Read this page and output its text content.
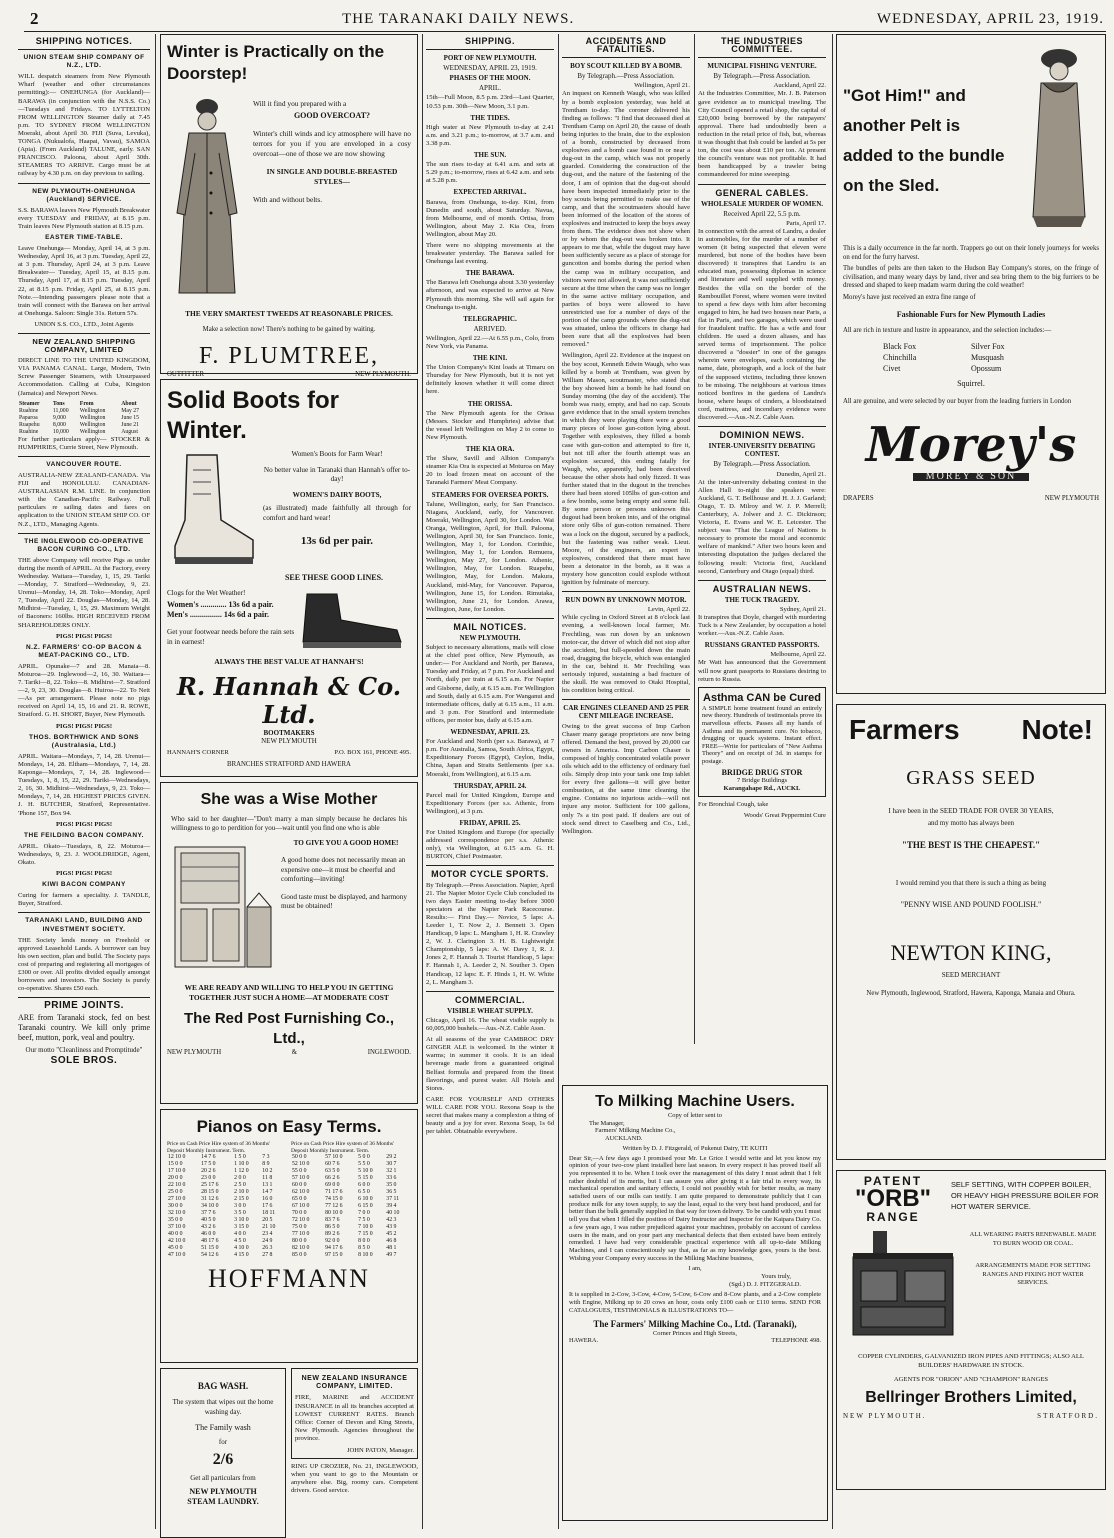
2	THE TARANAKI DAILY NEWS.	WEDNESDAY, APRIL 23, 1919.
SHIPPING NOTICES.
UNION STEAM SHIP COMPANY OF N.Z., LTD.

WILL despatch steamers from New Plymouth Wharf (weather and other circumstances permitting):— ONEHUNGA (for Auckland)— BARAWA (in conjunction with the N.S.S. Co.) —Tuesdays and Fridays. TO LYTTELTON FROM WELLINGTON Steamer daily at 7.45 p.m. TO SYDNEY FROM WELLINGTON Moeraki, about April 30. FIJI (Suva, Levuka), TONGA (Nukualofa, Haapai, Vavau), SAMOA (Apia). (From Auckland) TALUNE, early. SAN FRANCISCO. Paloona, about April 30th. STEAMERS TO ARRIVE. Cargo must be at railway by 4.30 p.m. on day previous to sailing.

NEW PLYMOUTH-ONEHUNGA (Auckland) SERVICE.

S.S. BARAWA leaves New Plymouth Breakwater every TUESDAY and FRIDAY, at 8.15 p.m. Train leaves New Plymouth station at 8.15 p.m.

EASTER TIME-TABLE.

Leave Onehunga— Monday, April 14, at 3 p.m. Wednesday, April 16, at 3 p.m. Tuesday, April 22, at 3 p.m. Thursday, April 24, at 3 p.m. Leave Breakwater— Tuesday, April 15, at 8.15 p.m. Thursday, April 17, at 8.15 p.m. Tuesday, April 22, at 8.15 p.m. Friday, April 25, at 8.15 p.m. Note.—Intending passengers please note that a train will connect with the Barawa on her arrival at Onehunga. Saloon: Single 31s. Return 57s.

UNION S.S. CO., LTD., Joint Agents
NEW ZEALAND SHIPPING COMPANY, LIMITED

DIRECT LINE TO THE UNITED KINGDOM, VIA PANAMA CANAL. Large, Modern, Twin Screw Passenger Steamers, with Unsurpassed Accommodation. Calling at Cuba, Kingston (Jamaica) and Newport News.

Steamer	Tons	From	About
Ruahine	11,000	Wellington	May 27
Paparoa	9,000	Wellington	June 15
Ruapehu	8,000	Wellington	June 21
Ruahine	10,000	Wellington	August

For further particulars apply— STOCKER & HUMPHRIES, Currie Street, New Plymouth.

VANCOUVER ROUTE.

AUSTRALIA-NEW ZEALAND-CANADA. Via FIJI and HONOLULU. CANADIAN-AUSTRALASIAN R.M. LINE. In conjunction with the Canadian-Pacific Railway. Full particulars re sailing dates and fares on application to the UNION STEAM SHIP CO. OF N.Z., LTD., Managing Agents.

THE INGLEWOOD CO-OPERATIVE BACON CURING CO., LTD.

THE above Company will receive Pigs as under during the month of APRIL. At the Factory, every Wednesday. Waitara—Tuesday, 1, 15, 29. Tariki—Monday, 7. Stratford—Wednesday, 9, 23. Urenui—Monday, 14, 28. Toko—Monday, April 7, Tuesday, April 22. Douglas—Monday, 14, 28. Midhirst—Tuesday, 1, 15, 29. Maximum Weight of Baconers: 160lbs. HIGH RECEIVED FROM SHAREHOLDERS ONLY.

PIGS! PIGS! PIGS!
N.Z. FARMERS' CO-OP BACON & MEAT-PACKING CO., LTD.

APRIL. Opunake—7 and 28. Manaia—8. Moturoa—29. Inglewood—2, 16, 30. Waitara—7. Tariki—8, 22. Toko—8. Midhirst—7. Stratford—2, 9, 23, 30. Douglas—8. Huiroa—22. To Nett—As per arrangement. Please note no pigs received on April 14, 15, 16 and 21. R. ROWE, Stratford. G. H. SHORT, Buyer, New Plymouth.

PIGS! PIGS! PIGS!
THOS. BORTHWICK AND SONS (Australasia, Ltd.)

APRIL. Waitara—Mondays, 7, 14, 28. Urenui—Mondays, 14, 28. Eltham—Mondays, 7, 14, 28. Kaponga—Mondays, 7, 14, 28. Inglewood—Tuesdays, 1, 8, 15, 22, 29. Tariki—Wednesdays, 2, 16, 30. Midhirst—Wednesdays, 9, 23. Toko—Mondays, 7, 14, 28. HIGHEST PRICES GIVEN. J. H. BUTCHER, Stratford, Representative. 'Phone 157, Box 94.

PIGS! PIGS! PIGS!
THE FEILDING BACON COMPANY.

APRIL. Okato—Tuesdays, 8, 22. Moturoa—Wednesdays, 9, 23. J. WOOLDRIDGE, Agent, Okato.

PIGS! PIGS! PIGS!
KIWI BACON COMPANY

Curing for farmers a speciality. J. TANDLE, Buyer, Stratford.

TARANAKI LAND, BUILDING AND INVESTMENT SOCIETY.

THE Society lends money on Freehold or approved Leasehold Lands. A borrower can buy his own section, plan and build. The Society pays cost of preparing and registering all mortgages of £300 or over. All profits divided equally amongst borrowers and investors. The Society is purely co-operative. Shares £50 each.

PRIME JOINTS.

ARE from Taranaki stock, fed on best Taranaki country. We kill only prime beef, mutton, pork, veal and poultry.

Our motto "Cleanliness and Promptitude"
SOLE BROS.
Winter is Practically on the Doorstep!

Will it find you prepared with a

GOOD OVERCOAT?

Winter's chill winds and icy atmosphere will have no terrors for you if you are enveloped in a cosy overcoat—one of those we are now showing

IN SINGLE AND DOUBLE-BREASTED STYLES—

With and without belts.

THE VERY SMARTEST TWEEDS AT REASONABLE PRICES.

Make a selection now! There's nothing to be gained by waiting.

F. PLUMTREE,
OUTFITTER	NEW PLYMOUTH.
Solid Boots for Winter.

Women's Boots for Farm Wear!

No better value in Taranaki than Hannah's offer to-day!

WOMEN'S DAIRY BOOTS,

(as illustrated) made faithfully all through for comfort and hard wear!

13s 6d per pair.

SEE THESE GOOD LINES.

Clogs for the Wet Weather!

Women's ............. 13s 6d a pair.

Men's ................ 14s 6d a pair.

Get your footwear needs before the rain sets in in earnest!

ALWAYS THE BEST VALUE AT HANNAH'S!

R. Hannah & Co. Ltd.
BOOTMAKERS
NEW PLYMOUTH
HANNAH'S CORNER	P.O. BOX 161, PHONE 495.
BRANCHES STRATFORD AND HAWERA
She was a Wise Mother

Who said to her daughter—"Don't marry a man simply because he declares his willingness to go to perdition for you—wait until you find one who is able

TO GIVE YOU A GOOD HOME!

A good home does not necessarily mean an expensive one—it must be cheerful and comforting—inviting!

Good taste must be displayed, and harmony must be obtained!

WE ARE READY AND WILLING TO HELP YOU IN GETTING TOGETHER JUST SUCH A HOME—AT MODERATE COST

The Red Post Furnishing Co., Ltd.,
NEW PLYMOUTH	&	INGLEWOOD.
Pianos on Easy Terms.
Price on Cash Price Hire system of 36 Months' Deposit Monthly Instrument. Term.
12 10 0	14 7 6	1 5 0	7 3
15 0 0	17 5 0	1 10 0	8 9
17 10 0	20 2 6	1 12 0	10 2
20 0 0	23 0 0	2 0 0	11 8
22 10 0	25 17 6	2 5 0	13 1
25 0 0	28 15 0	2 10 0	14 7
27 10 0	31 12 6	2 15 0	16 0
30 0 0	34 10 0	3 0 0	17 6
32 10 0	37 7 6	3 5 0	18 11
35 0 0	40 5 0	3 10 0	20 5
37 10 0	43 2 6	3 15 0	21 10
40 0 0	46 0 0	4 0 0	23 4
42 10 0	48 17 6	4 5 0	24 9
45 0 0	51 15 0	4 10 0	26 3
47 10 0	54 12 6	4 15 0	27 8
Price on Cash Price Hire system of 36 Months' Deposit Monthly Instrument. Term.
50 0 0	57 10 0	5 0 0	29 2
52 10 0	60 7 6	5 5 0	30 7
55 0 0	63 5 0	5 10 0	32 1
57 10 0	66 2 6	5 15 0	33 6
60 0 0	69 0 0	6 0 0	35 0
62 10 0	71 17 6	6 5 0	36 5
65 0 0	74 15 0	6 10 0	37 11
67 10 0	77 12 6	6 15 0	39 4
70 0 0	80 10 0	7 0 0	40 10
72 10 0	83 7 6	7 5 0	42 3
75 0 0	86 5 0	7 10 0	43 9
77 10 0	89 2 6	7 15 0	45 2
80 0 0	92 0 0	8 0 0	46 8
82 10 0	94 17 6	8 5 0	48 1
85 0 0	97 15 0	8 10 0	49 7
HOFFMANN
BAG WASH.

The system that wipes out the home washing day.

The Family wash

for

2/6

Get all particulars from

NEW PLYMOUTH

STEAM LAUNDRY.

NEW ZEALAND INSURANCE COMPANY, LIMITED.

FIRE, MARINE and ACCIDENT INSURANCE in all its branches accepted at LOWEST CURRENT RATES. Branch Office: Corner of Devon and King Streets, New Plymouth. Agencies throughout the province.

JOHN PATON, Manager.

RING UP CROZIER, No. 21, INGLEWOOD, when you want to go to the Mountain or anywhere else. Big, roomy cars. Competent drivers. Good service.

SHIPPING.
PORT OF NEW PLYMOUTH.
WEDNESDAY, APRIL 23, 1919.
PHASES OF THE MOON.
APRIL.

15th—Full Moon, 8.5 p.m. 23rd—Last Quarter, 10.53 p.m. 30th—New Moon, 3.1 p.m.

THE TIDES.

High water at New Plymouth to-day at 2.41 a.m. and 3.21 p.m.; to-morrow, at 3.7 a.m. and 3.38 p.m.

THE SUN.

The sun rises to-day at 6.41 a.m. and sets at 5.29 p.m.; to-morrow, rises at 6.42 a.m. and sets at 5.28 p.m.

EXPECTED ARRIVAL.

Barawa, from Onehunga, to-day. Kini, from Dunedin and south, about Saturday. Navua, from Melbourne, end of month. Ortisa, from Wellington, about May 2. Kia Ora, from Wellington, about May 20.

There were no shipping movements at the breakwater yesterday. The Barawa sailed for Onehunga last evening.

THE BARAWA.

The Barawa left Onehunga about 3.30 yesterday afternoon, and was expected to arrive at New Plymouth this morning. She will sail again for Onehunga to-night.

TELEGRAPHIC.
ARRIVED.

Wellington, April 22.—At 6.55 p.m., Colo, from New York, via Panama.

THE KINI.

The Union Company's Kini loads at Timaru on Thursday for New Plymouth, but it is not yet definitely known whether it will come direct here.

THE ORISSA.

The New Plymouth agents for the Orissa (Messrs. Stocker and Humphries) advise that the vessel left Wellington on May 2 to come to New Plymouth.

THE KIA ORA.

The Shaw, Savill and Albion Company's steamer Kia Ora is expected at Moturoa on May 20 to load frozen meat on account of the Taranaki Farmers' Meat Company.

STEAMERS FOR OVERSEA PORTS.

Talune, Wellington, early, for San Francisco. Niagara, Auckland, early, for Vancouver. Moeraki, Wellington, April 30, for London. Wai Oranga, Wellington, April, for Hull. Paloona, Wellington, April 30, for San Francisco. Ionic, Wellington, May 1, for London. Corinthic, Wellington, May 1, for London. Remuera, Wellington, May 27, for London. Athenic, Wellington, May, for London. Ruapehu, Wellington, May, for London. Makura, Auckland, mid-May, for Vancouver. Paparoa, Wellington, June 15, for London. Rimutaka, Wellington, June 21, for London. Arawa, Wellington, June, for London.

MAIL NOTICES.
NEW PLYMOUTH.

Subject to necessary alterations, mails will close at the chief post office, New Plymouth, as under:— For Auckland and North, per Barawa, Tuesday and Friday, at 7 p.m. For Auckland and North, daily per train at 6.15 a.m. For Napier and Gisborne, daily, at 6.15 a.m. For Wellington and South, daily at 6.15 a.m. For Wanganui and intermediate offices, daily at 6.15 a.m., 11 a.m. and 3 p.m. For Stratford and intermediate offices, per motor bus, daily at 6.15 a.m.

WEDNESDAY, APRIL 23.

For Auckland and North (per s.s. Barawa), at 7 p.m. For Australia, Samoa, South Africa, Egypt, Expeditionary Forces (Egypt), Ceylon, India, China, Japan and Straits Settlements (per s.s. Moeraki, from Wellington), at 6.15 a.m.

THURSDAY, APRIL 24.

Parcel mail for United Kingdom, Europe and Expeditionary Forces (per s.s. Athenic, from Wellington), at 3 p.m.

FRIDAY, APRIL 25.

For United Kingdom and Europe (for specially addressed correspondence per s.s. Athenic only), via Wellington, at 6.15 a.m. G. H. BURTON, Chief Postmaster.

MOTOR CYCLE SPORTS.

By Telegraph.—Press Association. Napier, April 21. The Napier Motor Cycle Club concluded its two days Easter meeting to-day before 3000 spectators at the Napier Park Racecourse. Results:— First Day.— Novice, 5 laps: A. Leeder 1, T. Now 2, J. Bennett 3. Open Handicap, 9 laps: L. Mangham 1, H. R. Crawley 2, W. J. Clarington 3. H. B. Lightweight Championship, 5 laps: A. W. Davy 1, R. J. Jones 2, F. Hannah 3. Tourist Handicap, 5 laps: F. Hannah 1, A. Leeder 2, N. Souther 3. Open Handicap, 12 laps: E. F. Hinds 1, H. W. White 2, L. Mangham 3.

COMMERCIAL.
VISIBLE WHEAT SUPPLY.

Chicago, April 16. The wheat visible supply is 60,005,000 bushels.—Aus.-N.Z. Cable Assn.

At all seasons of the year CAMBROC DRY GINGER ALE is welcomed. In the winter it warms; in summer it cools. It is an ideal beverage made from a guaranteed original Belfast formula and prepared from the finest flavorings, and purest water. All Hotels and Stores.

CARE FOR YOURSELF AND OTHERS WILL CARE FOR YOU. Rexona Soap is the secret that makes many a complexion a thing of beauty and a joy for ever. Rexona Soap, 1s 6d per tablet. Obtainable everywhere.

ACCIDENTS AND FATALITIES.
BOY SCOUT KILLED BY A BOMB.
By Telegraph.—Press Association.
Wellington, April 21.

An inquest on Kenneth Waugh, who was killed by a bomb explosion yesterday, was held at Trentham to-day. The coroner delivered his finding as follows: "I find that deceased died at Trentham Camp on April 20, the cause of death being injuries to the brain, due to the explosion of a bomb, constructed by deceased from explosives and a bomb case found in or near a dug-out in the camp, which was not properly guarded. Considering the construction of the dug-out, and the nature of the fastening of the door, I am of opinion that the dug-out should have been inspected immediately prior to the boy scouts being permitted to make use of the camp, and that the scoutmasters should have been informed of the location of the stores of explosives and instructed to keep the boys away from them. The evidence does not show when or by whom the dug-out was broken into. It appears to me that, while the dugout may have been sufficiently secure as a place of storage for guncotton and bombs during the period when the camp was in military occupation, and visitors were not allowed, it was not sufficiently secure at the time when the camp was no longer in the same active military occupation, and parties of boys were allowed to have unrestricted use for a number of days of the portion of the camp grounds where the dug-out was situated, unless the officers in charge had been sure that all the explosives had been removed."

Wellington, April 22. Evidence at the inquest on the boy scout, Kenneth Edwin Waugh, who was killed by a bomb at Trentham, was given by William Mason, scoutmaster, who stated that the boy showed him a bomb he had found on Sunday morning (the day of the accident). The bomb was rusty, empty, and had no cap. Scouts gave evidence that in the small system trenches in which they were playing there were a good many pieces of loose gun-cotton lying about. Together with explosives, they filled a bomb case with gun-cotton and attempted to fire it, but not till after the fourth attempt was an explosion secured, this ending fatally for Waugh, who, apparently, had been deceived because the other shots had only fizzed. It was further stated that in the dugout in the trenches there had been stored 105lbs of gun-cotton and a few bombs, some being empty and some full. By some person or persons unknown this dugout had been broken into, and of the original store only 6lbs of gun-cotton remained. There was a lock on the dugout, secured by a padlock, but the fastening was rather weak. Lieut. Moore, of the engineers, an expert in explosives, considered that there must have been a detonator in the bomb, as it was a mystery how guncotton could explode without ignition by fulminate of mercury.

RUN DOWN BY UNKNOWN MOTOR.
Levin, April 22.

While cycling in Oxford Street at 8 o'clock last evening, a well-known local farmer, Mr. Frechtling, was run down by an unknown motor-car, the driver of which did not stop after the accident, but full-speeded down the main road, dragging the bicycle, which was entangled in the car, behind it. Mr Frechtling was seriously injured, sustaining a bad fracture of the skull. He was removed to Otaki Hospital, his condition being critical.

CAR ENGINES CLEANED AND 25 PER CENT MILEAGE INCREASE.

Owing to the great success of Imp Carbon Chaser many garage proprietors are now being offered. Demand the best, proved by 20,000 car owners in America. Imp Carbon Chaser is composed of highly concentrated volatile power oils which add to the efficiency of ordinary fuel oils. Simply drop into your tank one Imp tablet for every five gallons—it will give better combustion, at the same time cleaning the engine. Contains no injurious acids—will not injure any motor. Sufficient for 100 gallons, only 7s a tin post paid. If dealers are out of stock send direct to Caselberg and Co., Ltd., Wellington.

THE INDUSTRIES COMMITTEE.
MUNICIPAL FISHING VENTURE.
By Telegraph.—Press Association.
Auckland, April 22.

At the Industries Committee, Mr. J. B. Paterson gave evidence as to municipal trawling. The City Council opened a retail shop, the capital of £20,000 being borrowed by the ratepayers' approval. There had undoubtedly been a reduction in the retail price of fish, but, whereas it was thought that fish could be landed at 5s per ton, the cost was about £10 per ton. At present the council's venture was not profitable. It had been handicapped by a trawler being commandeered for mine sweeping.

GENERAL CABLES.
WHOLESALE MURDER OF WOMEN.
Received April 22, 5.5 p.m.
Paris, April 17.

In connection with the arrest of Landru, a dealer in automobiles, for the murder of a number of women (it being suspected that eleven were murdered, but none of the bodies have been discovered) it transpires that Landru is an educated man, possessing diplomas in science and literature and well supplied with money. Besides the villa on the border of the Rambouillet Forest, where women were invited to spend a few days with him after becoming engaged to him, he had two houses near Paris, a flat in Paris, and two garages, which were used for fraudulent traffic. He has a wife and four children. He used a dozen aliases, and has served terms of imprisonment. The police discovered a "dossier" in one of the garages wherein were envelopes, each containing the name, date, photograph, and a lock of the hair of the supposed victims, including three known to be missing. The neighbours at various times noticed bonfires in the gardens of Landru's house, where heaps of cinders, a bloodstained cord, mattress, and incendiary evidence were discovered.—Aus.-N.Z. Cable Assn.

DOMINION NEWS.
INTER-UNIVERSITY DEBATING CONTEST.
By Telegraph.—Press Association.
Dunedin, April 21.

At the inter-university debating contest in the Allen Hall to-night the speakers were: Auckland, G. T. Bellhouse and H. J. J. Garland; Otago, T. D. Milroy and W. J. P. Merrell; Canterbury, A. Jolwer and J. C. Dickinson; Victoria, E. Evans and W. E. Leicester. The subject was "That the League of Nations is necessary to promote the moral and economic welfare of mankind." After two hours keen and interesting disputation the judges declared the following result: Victoria first, Auckland second, Canterbury and Otago (equal) third.

AUSTRALIAN NEWS.
THE TUCK TRAGEDY.
Sydney, April 21.

It transpires that Doyle, charged with murdering Tuck is a New Zealander, by occupation a hotel worker.—Aus.-N.Z. Cable Assn.

RUSSIANS GRANTED PASSPORTS.
Melbourne, April 22.

Mr Watt has announced that the Government will now grant passports to Russians desiring to return to Russia.

Asthma CAN be Cured

A SIMPLE home treatment found an entirely new theory. Hundreds of testimonials prove its marvellous effects. Passes all my hands of Asthma and its permanent cure. No tobacco, drugging or quack systems. Instant effect. FREE—Write for particulars of "New Asthma Theory" and on receipt of 3d. in stamps for postage.

BRIDGE DRUG STOR
7 Bridge Buildings
Karangahape Rd., AUCKL

For Bronchial Cough, take

Woods' Great Peppermint Cure

To Milking Machine Users.
Copy of letter sent to
The Manager,
Farmers' Milking Machine Co.,
AUCKLAND.
Written by D. J. Fitzgerald, of Pukenui Dairy, TE KUITI

Dear Sir,—A few days ago I promised your Mr. Le Grice I would write and let you know my opinion of your two-cow plant installed here last season. In every respect it has proved itself all you represented it to be. When I took over the management of this dairy I must admit that I felt rather doubtful of its merits, but I can assure you after giving it a fair trial in every way, its mechanical operation and sanitary effects, I could not possibly wish for better results, as many satisfied users of our mills can testify. I am quite prepared to demonstrate publicly that I can produce milk for any town supply, to say the least, equal to the very best hand produced, and far better than the bulk generally supplied in that way for town delivery. To be candid with you I must tell you that when I filled the position of Dairy Instructor and Inspector for the Kaipara Dairy Co. a few years ago, I was rather prejudiced against your machines, probably on account of careless users in the main, and on your part any mechanical defects that then existed have been entirely remedied. I have had very considerable practical experience with all up-to-date Milking Machines, and I can conscientiously say that, as far as my knowledge goes, yours is the best. Wishing your Company every success in the Milking Machine business,

I am,
Yours truly,
(Sgd.) D. J. FITZGERALD.

It is supplied in 2-Cow, 3-Cow, 4-Cow, 5-Cow, 6-Cow and 8-Cow plants, and a 2-Cow complete with Engine, Milking up to 20 cows an hour, costs only £100 cash or £110 terms. SEND FOR CATALOGUES, TESTIMONIALS & ILLUSTRATIONS TO—

The Farmers' Milking Machine Co., Ltd. (Taranaki),
Corner Princes and High Streets,
HAWERA.	TELEPHONE 498.
"Got Him!" and
another Pelt is
added to the bundle
on the Sled.

This is a daily occurrence in the far north. Trappers go out on their lonely journeys for weeks on end for the furry harvest.

The bundles of pelts are then taken to the Hudson Bay Company's stores, on the fringe of civilisation, and many weary days by land, river and sea bring them to the big furriers to be dressed and shaped to keep madam warm during the cold weather!

Morey's have just received an extra fine range of

Fashionable Furs for New Plymouth Ladies

All are rich in texture and lustre in appearance, and the selection includes:—

Black Fox	Silver Fox
Chinchilla	Musquash
Civet	Opossum
Squirrel.

All are genuine, and were selected by our buyer from the leading furriers in London

Morey's
MOREY & SON
DRAPERS	NEW PLYMOUTH
Farmers Note!
GRASS SEED

I have been in the SEED TRADE FOR OVER 30 YEARS,

and my motto has always been

"THE BEST IS THE CHEAPEST."

I would remind you that there is such a thing as being

"PENNY WISE AND POUND FOOLISH."

NEWTON KING,
SEED MERCHANT

New Plymouth, Inglewood, Stratford, Hawera, Kaponga, Manaia and Ohura.

PATENT
"ORB"
RANGE

SELF SETTING, WITH COPPER BOILER, OR HEAVY HIGH PRESSURE BOILER FOR HOT WATER SERVICE.

ALL WEARING PARTS RENEWABLE. MADE TO BURN WOOD OR COAL.

ARRANGEMENTS MADE FOR SETTING RANGES AND FIXING HOT WATER SERVICES.

COPPER CYLINDERS, GALVANIZED IRON PIPES AND FITTINGS; ALSO ALL BUILDERS' HARDWARE IN STOCK.

AGENTS FOR "ORION" AND "CHAMPION" RANGES

Bellringer Brothers Limited,
NEW PLYMOUTH.	STRATFORD.
